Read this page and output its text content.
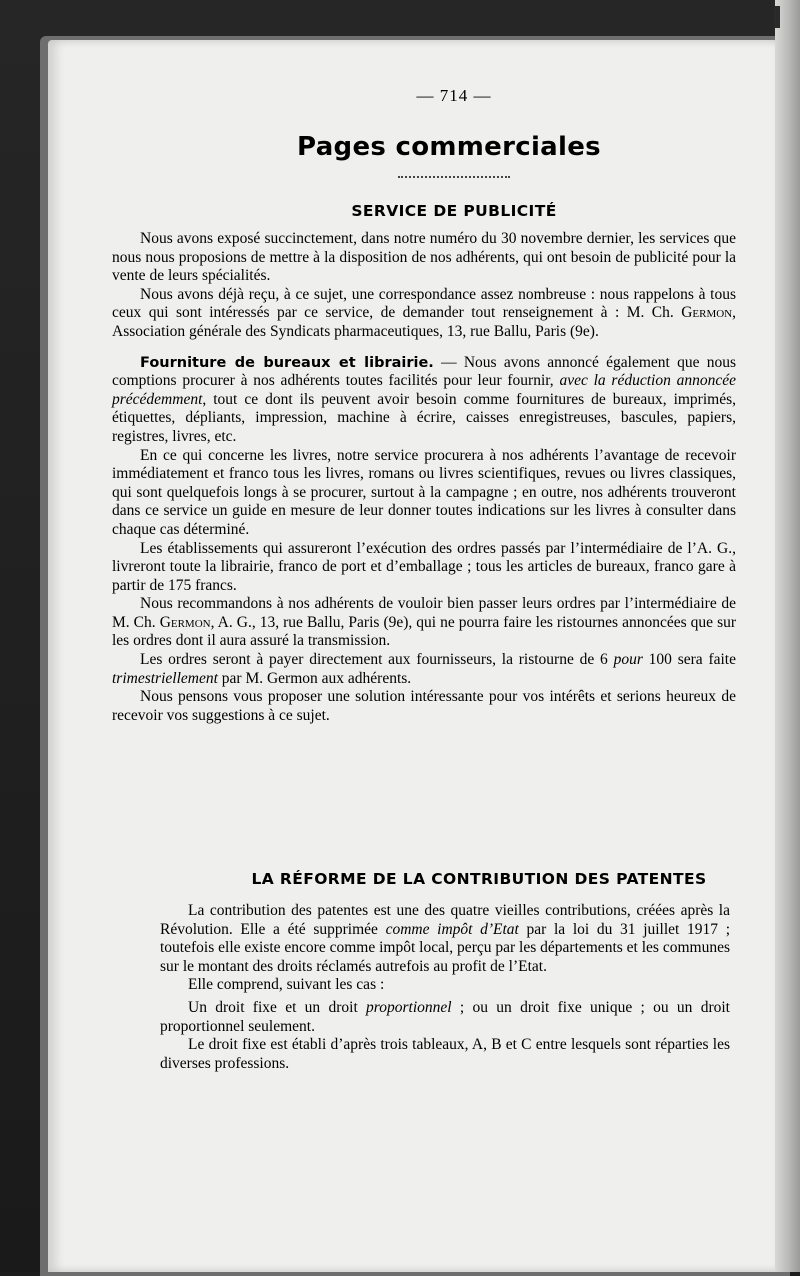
— 714 —

Pages commerciales
SERVICE DE PUBLICITÉ

Nous avons exposé succinctement, dans notre numéro du 30 novembre dernier, les services que nous nous proposions de mettre à la disposition de nos adhérents, qui ont besoin de publicité pour la vente de leurs spécialités.

Nous avons déjà reçu, à ce sujet, une correspondance assez nombreuse : nous rappelons à tous ceux qui sont intéressés par ce service, de demander tout renseignement à : M. Ch. Germon, Association générale des Syndicats pharmaceutiques, 13, rue Ballu, Paris (9e).

Fourniture de bureaux et librairie. — Nous avons annoncé également que nous comptions procurer à nos adhérents toutes facilités pour leur fournir, avec la réduction annoncée précédemment, tout ce dont ils peuvent avoir besoin comme fournitures de bureaux, imprimés, étiquettes, dépliants, impression, machine à écrire, caisses enregistreuses, bascules, papiers, registres, livres, etc.

En ce qui concerne les livres, notre service procurera à nos adhérents l’avantage de recevoir immédiatement et franco tous les livres, romans ou livres scientifiques, revues ou livres classiques, qui sont quelquefois longs à se procurer, surtout à la campagne ; en outre, nos adhérents trouveront dans ce service un guide en mesure de leur donner toutes indications sur les livres à consulter dans chaque cas déterminé.

Les établissements qui assureront l’exécution des ordres passés par l’intermédiaire de l’A. G., livreront toute la librairie, franco de port et d’emballage ; tous les articles de bureaux, franco gare à partir de 175 francs.

Nous recommandons à nos adhérents de vouloir bien passer leurs ordres par l’intermédiaire de M. Ch. Germon, A. G., 13, rue Ballu, Paris (9e), qui ne pourra faire les ristournes annoncées que sur les ordres dont il aura assuré la transmission.

Les ordres seront à payer directement aux fournisseurs, la ristourne de 6 pour 100 sera faite trimestriellement par M. Germon aux adhérents.

Nous pensons vous proposer une solution intéressante pour vos intérêts et serions heureux de recevoir vos suggestions à ce sujet.

LA RÉFORME DE LA CONTRIBUTION DES PATENTES

La contribution des patentes est une des quatre vieilles contributions, créées après la Révolution. Elle a été supprimée comme impôt d’Etat par la loi du 31 juillet 1917 ; toutefois elle existe encore comme impôt local, perçu par les départements et les communes sur le montant des droits réclamés autrefois au profit de l’Etat.

Elle comprend, suivant les cas :

Un droit fixe et un droit proportionnel ; ou un droit fixe unique ; ou un droit proportionnel seulement.

Le droit fixe est établi d’après trois tableaux, A, B et C entre lesquels sont réparties les diverses professions.
